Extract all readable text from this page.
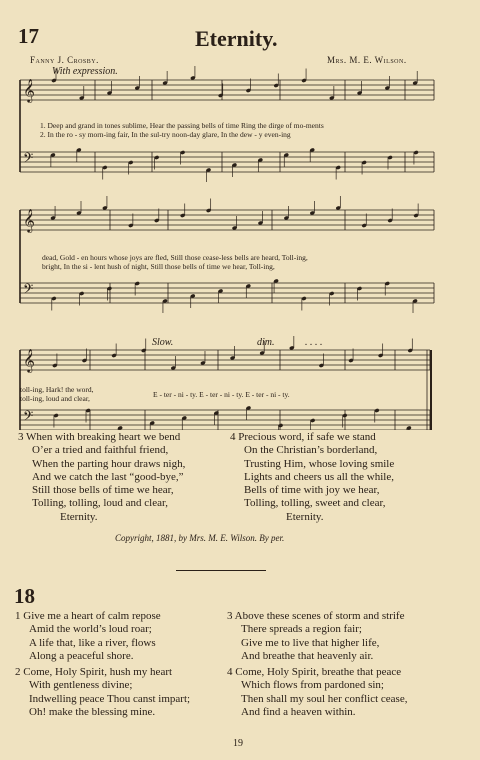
17	Eternity.
Fanny J. Crosby.	Mrs. M. E. Wilson.
With expression.
𝄞
𝄢
𝄞
𝄢
𝄞
𝄢
1. Deep and grand in tones sublime, Hear the passing bells of time Ring the dirge of mo-ments
2. In the ro - sy morn-ing fair, In the sul-try noon-day glare, In the dew - y even-ing
dead, Gold - en hours whose joys are fled, Still those cease-less bells are heard, Toll-ing,
bright, In the si - lent hush of night, Still those bells of time we hear, Toll-ing,
Slow.	dim.	. . . .
toll-ing, Hark! the word,
toll-ing, loud and clear,	E - ter - ni - ty. E - ter - ni - ty. E - ter - ni - ty.
3 When with breaking heart we bend
O’er a tried and faithful friend,
When the parting hour draws nigh,
And we catch the last “good-bye,”
Still those bells of time we hear,
Tolling, tolling, loud and clear,
Eternity.
4 Precious word, if safe we stand
On the Christian’s borderland,
Trusting Him, whose loving smile
Lights and cheers us all the while,
Bells of time with joy we hear,
Tolling, tolling, sweet and clear,
Eternity.
Copyright, 1881, by Mrs. M. E. Wilson. By per.
18
1 Give me a heart of calm repose
Amid the world’s loud roar;
A life that, like a river, flows
Along a peaceful shore.
2 Come, Holy Spirit, hush my heart
With gentleness divine;
Indwelling peace Thou canst impart;
Oh! make the blessing mine.
3 Above these scenes of storm and strife
There spreads a region fair;
Give me to live that higher life,
And breathe that heavenly air.
4 Come, Holy Spirit, breathe that peace
Which flows from pardoned sin;
Then shall my soul her conflict cease,
And find a heaven within.
19
